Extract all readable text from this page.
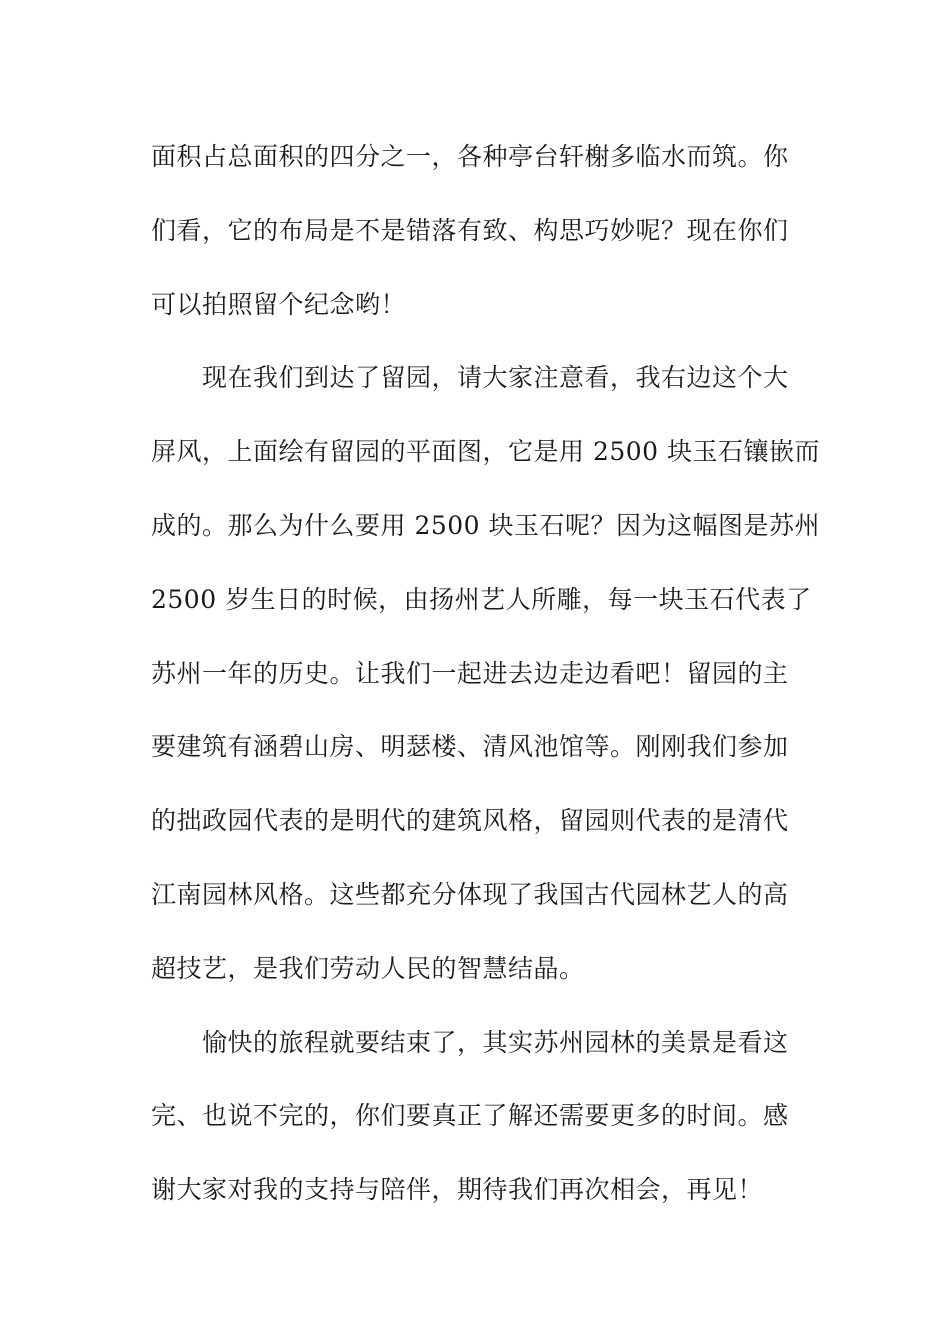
面积占总面积的四分之一，各种亭台轩榭多临水而筑。你
们看，它的布局是不是错落有致、构思巧妙呢？现在你们
可以拍照留个纪念哟！
现在我们到达了留园，请大家注意看，我右边这个大
屏风，上面绘有留园的平面图，它是用 2500 块玉石镶嵌而
成的。那么为什么要用 2500 块玉石呢？因为这幅图是苏州
2500 岁生日的时候，由扬州艺人所雕，每一块玉石代表了
苏州一年的历史。让我们一起进去边走边看吧！留园的主
要建筑有涵碧山房、明瑟楼、清风池馆等。刚刚我们参加
的拙政园代表的是明代的建筑风格，留园则代表的是清代
江南园林风格。这些都充分体现了我国古代园林艺人的高
超技艺，是我们劳动人民的智慧结晶。
愉快的旅程就要结束了，其实苏州园林的美景是看这
完、也说不完的，你们要真正了解还需要更多的时间。感
谢大家对我的支持与陪伴，期待我们再次相会，再见！
